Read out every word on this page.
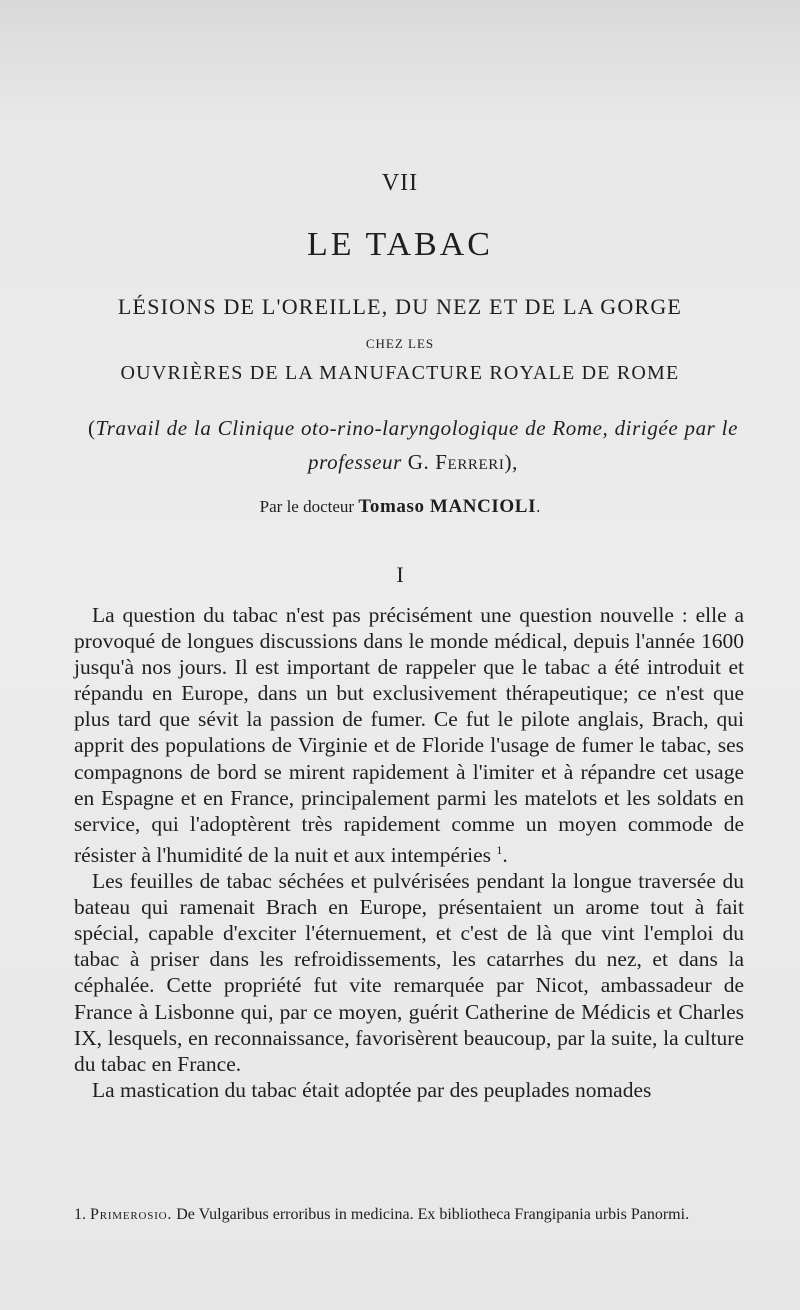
VII
LE TABAC
LÉSIONS DE L'OREILLE, DU NEZ ET DE LA GORGE
CHEZ LES
OUVRIÈRES DE LA MANUFACTURE ROYALE DE ROME
(Travail de la Clinique oto-rino-laryngologique de Rome, dirigée par le professeur G. Ferreri),
Par le docteur Tomaso MANCIOLI.
I

La question du tabac n'est pas précisément une question nouvelle : elle a provoqué de longues discussions dans le monde médical, depuis l'année 1600 jusqu'à nos jours. Il est important de rappeler que le tabac a été introduit et répandu en Europe, dans un but exclusivement thérapeutique; ce n'est que plus tard que sévit la passion de fumer. Ce fut le pilote anglais, Brach, qui apprit des populations de Virginie et de Floride l'usage de fumer le tabac, ses compagnons de bord se mirent rapidement à l'imiter et à répandre cet usage en Espagne et en France, principalement parmi les matelots et les soldats en service, qui l'adoptèrent très rapidement comme un moyen commode de résister à l'humidité de la nuit et aux intempéries $^1$.

Les feuilles de tabac séchées et pulvérisées pendant la longue traversée du bateau qui ramenait Brach en Europe, présentaient un arome tout à fait spécial, capable d'exciter l'éternuement, et c'est de là que vint l'emploi du tabac à priser dans les refroidissements, les catarrhes du nez, et dans la céphalée. Cette propriété fut vite remarquée par Nicot, ambassadeur de France à Lisbonne qui, par ce moyen, guérit Catherine de Médicis et Charles IX, lesquels, en reconnaissance, favorisèrent beaucoup, par la suite, la culture du tabac en France.

La mastication du tabac était adoptée par des peuplades nomades

1. Primerosio. De Vulgaribus erroribus in medicina. Ex bibliotheca Frangipania urbis Panormi.
